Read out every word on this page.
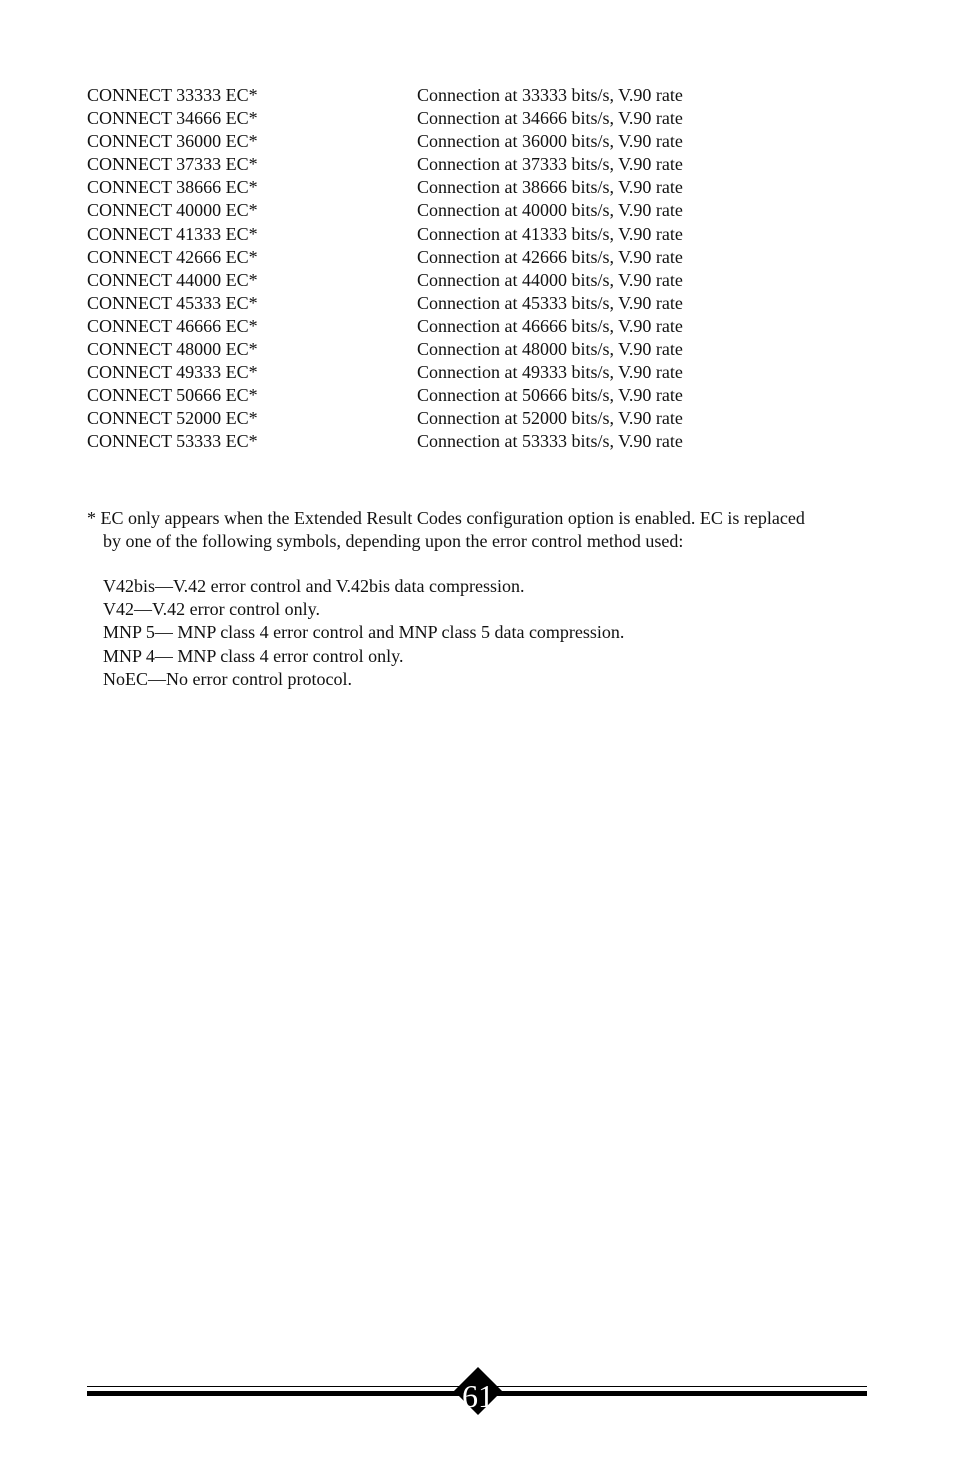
CONNECT 33333 EC*	Connection at 33333 bits/s, V.90 rate
CONNECT 34666 EC*	Connection at 34666 bits/s, V.90 rate
CONNECT 36000 EC*	Connection at 36000 bits/s, V.90 rate
CONNECT 37333 EC*	Connection at 37333 bits/s, V.90 rate
CONNECT 38666 EC*	Connection at 38666 bits/s, V.90 rate
CONNECT 40000 EC*	Connection at 40000 bits/s, V.90 rate
CONNECT 41333 EC*	Connection at 41333 bits/s, V.90 rate
CONNECT 42666 EC*	Connection at 42666 bits/s, V.90 rate
CONNECT 44000 EC*	Connection at 44000 bits/s, V.90 rate
CONNECT 45333 EC*	Connection at 45333 bits/s, V.90 rate
CONNECT 46666 EC*	Connection at 46666 bits/s, V.90 rate
CONNECT 48000 EC*	Connection at 48000 bits/s, V.90 rate
CONNECT 49333 EC*	Connection at 49333 bits/s, V.90 rate
CONNECT 50666 EC*	Connection at 50666 bits/s, V.90 rate
CONNECT 52000 EC*	Connection at 52000 bits/s, V.90 rate
CONNECT 53333 EC*	Connection at 53333 bits/s, V.90 rate
* EC only appears when the Extended Result Codes configuration option is enabled. EC is replaced
by one of the following symbols, depending upon the error control method used:
V42bis—V.42 error control and V.42bis data compression.
V42—V.42 error control only.
MNP 5— MNP class 4 error control and MNP class 5 data compression.
MNP 4— MNP class 4 error control only.
NoEC—No error control protocol.
61
